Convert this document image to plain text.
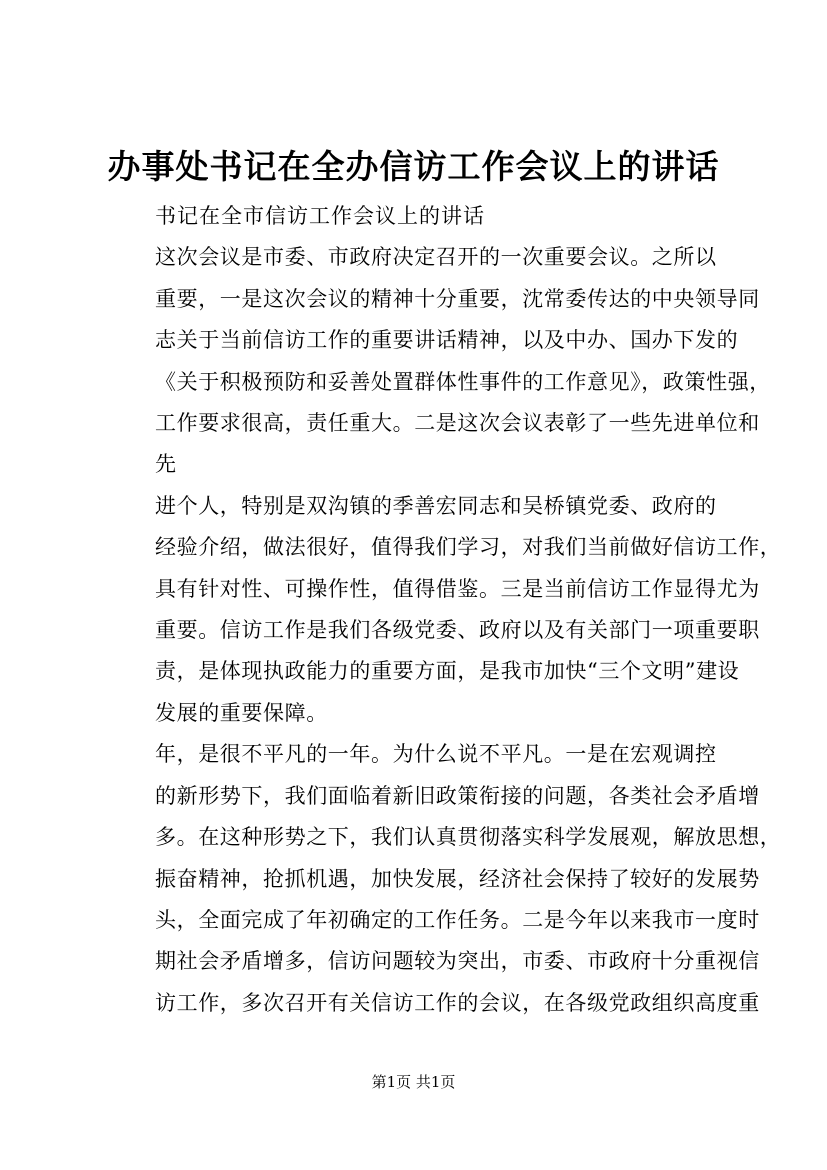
办事处书记在全办信访工作会议上的讲话

书记在全市信访工作会议上的讲话

这次会议是市委、市政府决定召开的一次重要会议。之所以
重要，一是这次会议的精神十分重要，沈常委传达的中央领导同
志关于当前信访工作的重要讲话精神，以及中办、国办下发的
《关于积极预防和妥善处置群体性事件的工作意见》，政策性强，
工作要求很高，责任重大。二是这次会议表彰了一些先进单位和
先

进个人，特别是双沟镇的季善宏同志和吴桥镇党委、政府的
经验介绍，做法很好，值得我们学习，对我们当前做好信访工作，
具有针对性、可操作性，值得借鉴。三是当前信访工作显得尤为
重要。信访工作是我们各级党委、政府以及有关部门一项重要职
责，是体现执政能力的重要方面，是我市加快“三个文明”建设
发展的重要保障。

年，是很不平凡的一年。为什么说不平凡。一是在宏观调控
的新形势下，我们面临着新旧政策衔接的问题，各类社会矛盾增
多。在这种形势之下，我们认真贯彻落实科学发展观，解放思想，
振奋精神，抢抓机遇，加快发展，经济社会保持了较好的发展势
头，全面完成了年初确定的工作任务。二是今年以来我市一度时
期社会矛盾增多，信访问题较为突出，市委、市政府十分重视信
访工作，多次召开有关信访工作的会议，在各级党政组织高度重

第1页 共1页
